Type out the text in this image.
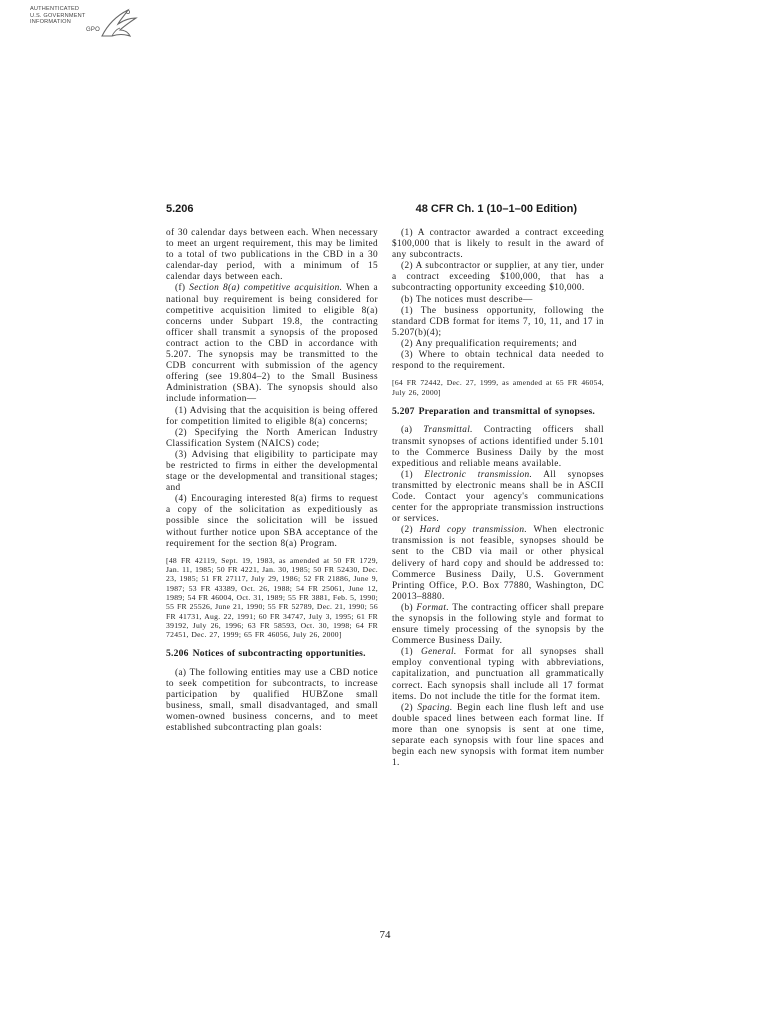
AUTHENTICATED
U.S. GOVERNMENT
INFORMATION
GPO
5.206	48 CFR Ch. 1 (10–1–00 Edition)

of 30 calendar days between each. When necessary to meet an urgent requirement, this may be limited to a total of two publications in the CBD in a 30 calendar-day period, with a minimum of 15 calendar days between each.

(f) Section 8(a) competitive acquisition. When a national buy requirement is being considered for competitive acquisition limited to eligible 8(a) concerns under Subpart 19.8, the contracting officer shall transmit a synopsis of the proposed contract action to the CBD in accordance with 5.207. The synopsis may be transmitted to the CDB concurrent with submission of the agency offering (see 19.804–2) to the Small Business Administration (SBA). The synopsis should also include information—

(1) Advising that the acquisition is being offered for competition limited to eligible 8(a) concerns;

(2) Specifying the North American Industry Classification System (NAICS) code;

(3) Advising that eligibility to participate may be restricted to firms in either the developmental stage or the developmental and transitional stages; and

(4) Encouraging interested 8(a) firms to request a copy of the solicitation as expeditiously as possible since the solicitation will be issued without further notice upon SBA acceptance of the requirement for the section 8(a) Program.

[48 FR 42119, Sept. 19, 1983, as amended at 50 FR 1729, Jan. 11, 1985; 50 FR 4221, Jan. 30, 1985; 50 FR 52430, Dec. 23, 1985; 51 FR 27117, July 29, 1986; 52 FR 21886, June 9, 1987; 53 FR 43389, Oct. 26, 1988; 54 FR 25061, June 12, 1989; 54 FR 46004, Oct. 31, 1989; 55 FR 3881, Feb. 5, 1990; 55 FR 25526, June 21, 1990; 55 FR 52789, Dec. 21, 1990; 56 FR 41731, Aug. 22, 1991; 60 FR 34747, July 3, 1995; 61 FR 39192, July 26, 1996; 63 FR 58593, Oct. 30, 1998; 64 FR 72451, Dec. 27, 1999; 65 FR 46056, July 26, 2000]

5.206 Notices of subcontracting opportunities.

(a) The following entities may use a CBD notice to seek competition for subcontracts, to increase participation by qualified HUBZone small business, small, small disadvantaged, and small women-owned business concerns, and to meet established subcontracting plan goals:

(1) A contractor awarded a contract exceeding $100,000 that is likely to result in the award of any subcontracts.

(2) A subcontractor or supplier, at any tier, under a contract exceeding $100,000, that has a subcontracting opportunity exceeding $10,000.

(b) The notices must describe—

(1) The business opportunity, following the standard CDB format for items 7, 10, 11, and 17 in 5.207(b)(4);

(2) Any prequalification requirements; and

(3) Where to obtain technical data needed to respond to the requirement.

[64 FR 72442, Dec. 27, 1999, as amended at 65 FR 46054, July 26, 2000]

5.207 Preparation and transmittal of synopses.

(a) Transmittal. Contracting officers shall transmit synopses of actions identified under 5.101 to the Commerce Business Daily by the most expeditious and reliable means available.

(1) Electronic transmission. All synopses transmitted by electronic means shall be in ASCII Code. Contact your agency's communications center for the appropriate transmission instructions or services.

(2) Hard copy transmission. When electronic transmission is not feasible, synopses should be sent to the CBD via mail or other physical delivery of hard copy and should be addressed to: Commerce Business Daily, U.S. Government Printing Office, P.O. Box 77880, Washington, DC 20013–8880.

(b) Format. The contracting officer shall prepare the synopsis in the following style and format to ensure timely processing of the synopsis by the Commerce Business Daily.

(1) General. Format for all synopses shall employ conventional typing with abbreviations, capitalization, and punctuation all grammatically correct. Each synopsis shall include all 17 format items. Do not include the title for the format item.

(2) Spacing. Begin each line flush left and use double spaced lines between each format line. If more than one synopsis is sent at one time, separate each synopsis with four line spaces and begin each new synopsis with format item number 1.

74
